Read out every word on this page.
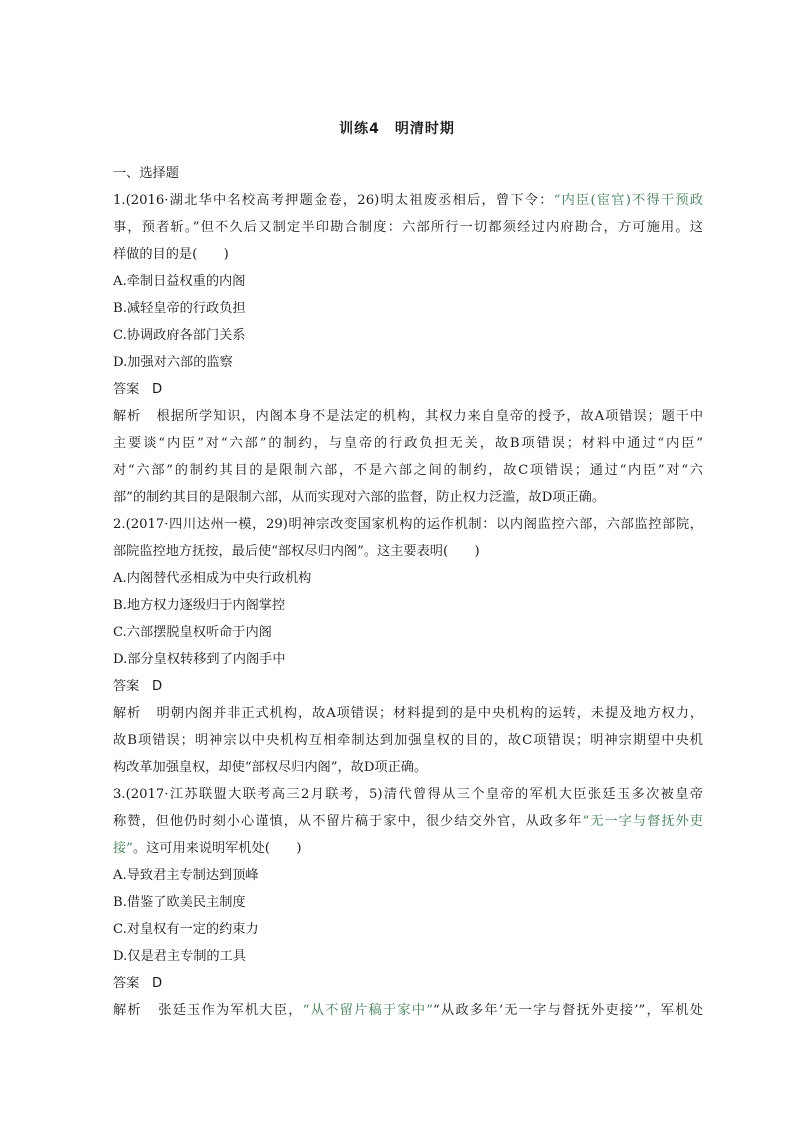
训练4　明清时期
一、选择题
1.(2016·湖北华中名校高考押题金卷，26)明太祖废丞相后，曾下令：“内臣(宦官)不得干预政
事，预者斩。”但不久后又制定半印勘合制度：六部所行一切都须经过内府勘合，方可施用。这
样做的目的是(　　)
A.牵制日益权重的内阁
B.减轻皇帝的行政负担
C.协调政府各部门关系
D.加强对六部的监察
答案 D
解析 根据所学知识，内阁本身不是法定的机构，其权力来自皇帝的授予，故A项错误；题干中
主要谈“内臣”对“六部”的制约，与皇帝的行政负担无关，故B项错误；材料中通过“内臣”
对“六部”的制约其目的是限制六部，不是六部之间的制约，故C项错误；通过“内臣”对“六
部”的制约其目的是限制六部，从而实现对六部的监督，防止权力泛滥，故D项正确。
2.(2017·四川达州一模，29)明神宗改变国家机构的运作机制：以内阁监控六部，六部监控部院，
部院监控地方抚按，最后使“部权尽归内阁”。这主要表明(　　)
A.内阁替代丞相成为中央行政机构
B.地方权力逐级归于内阁掌控
C.六部摆脱皇权听命于内阁
D.部分皇权转移到了内阁手中
答案 D
解析 明朝内阁并非正式机构，故A项错误；材料提到的是中央机构的运转，未提及地方权力，
故B项错误；明神宗以中央机构互相牵制达到加强皇权的目的，故C项错误；明神宗期望中央机
构改革加强皇权，却使“部权尽归内阁”，故D项正确。
3.(2017·江苏联盟大联考高三2月联考，5)清代曾得从三个皇帝的军机大臣张廷玉多次被皇帝
称赞，但他仍时刻小心谨慎，从不留片稿于家中，很少结交外官，从政多年“无一字与督抚外吏
接”。这可用来说明军机处(　　)
A.导致君主专制达到顶峰
B.借鉴了欧美民主制度
C.对皇权有一定的约束力
D.仅是君主专制的工具
答案 D
解析 张廷玉作为军机大臣，“从不留片稿于家中”“从政多年‘无一字与督抚外吏接’”，军机处
